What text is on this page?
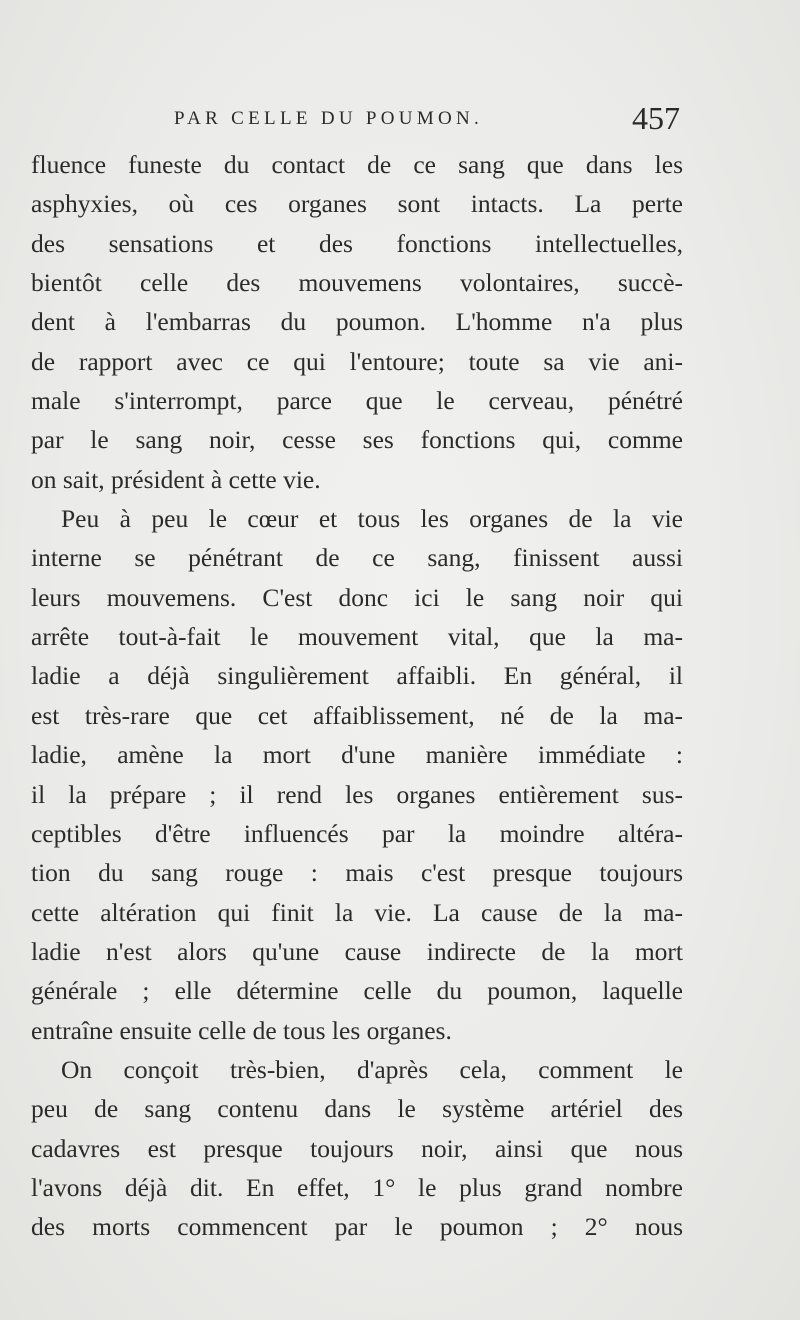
PAR CELLE DU POUMON.	457
fluence funeste du contact de ce sang que dans les
asphyxies, où ces organes sont intacts. La perte
des sensations et des fonctions intellectuelles,
bientôt celle des mouvemens volontaires, succè-
dent à l'embarras du poumon. L'homme n'a plus
de rapport avec ce qui l'entoure; toute sa vie ani-
male s'interrompt, parce que le cerveau, pénétré
par le sang noir, cesse ses fonctions qui, comme
on sait, président à cette vie.
Peu à peu le cœur et tous les organes de la vie
interne se pénétrant de ce sang, finissent aussi
leurs mouvemens. C'est donc ici le sang noir qui
arrête tout-à-fait le mouvement vital, que la ma-
ladie a déjà singulièrement affaibli. En général, il
est très-rare que cet affaiblissement, né de la ma-
ladie, amène la mort d'une manière immédiate :
il la prépare ; il rend les organes entièrement sus-
ceptibles d'être influencés par la moindre altéra-
tion du sang rouge : mais c'est presque toujours
cette altération qui finit la vie. La cause de la ma-
ladie n'est alors qu'une cause indirecte de la mort
générale ; elle détermine celle du poumon, laquelle
entraîne ensuite celle de tous les organes.
On conçoit très-bien, d'après cela, comment le
peu de sang contenu dans le système artériel des
cadavres est presque toujours noir, ainsi que nous
l'avons déjà dit. En effet, 1° le plus grand nombre
des morts commencent par le poumon ; 2° nous
